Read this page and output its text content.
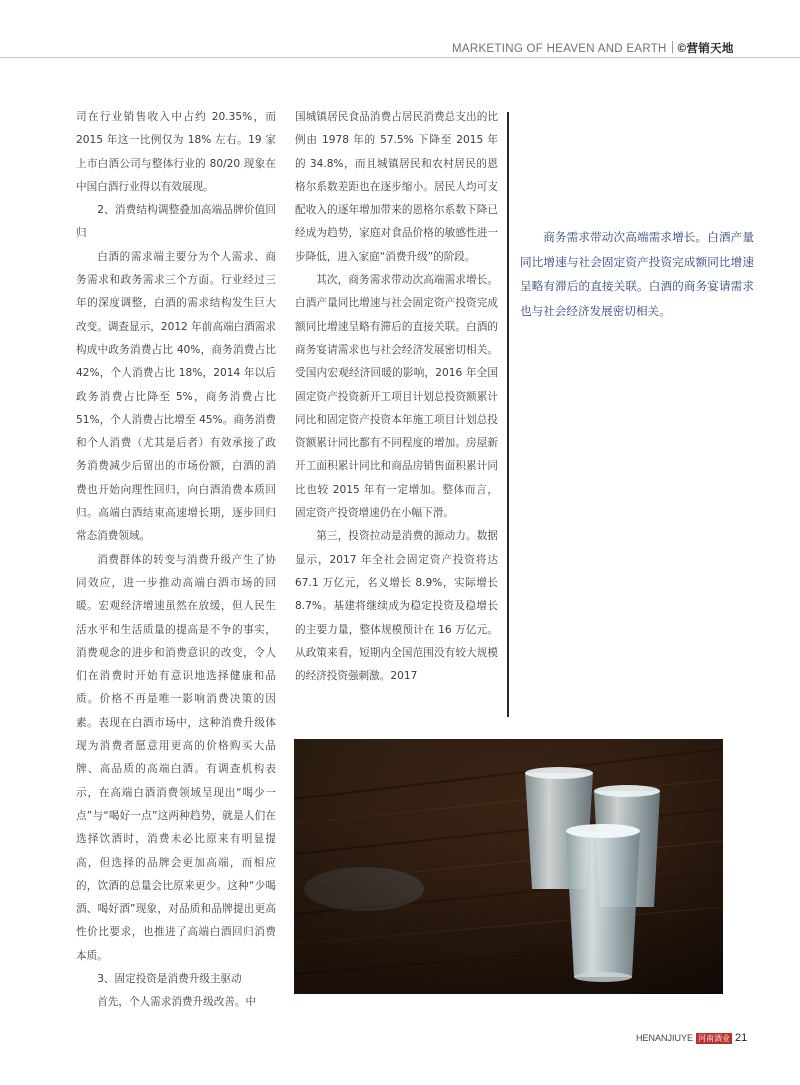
MARKETING OF HEAVEN AND EARTH ©营销天地

司在行业销售收入中占约 20.35%，而 2015 年这一比例仅为 18% 左右。19 家上市白酒公司与整体行业的 80/20 现象在中国白酒行业得以有效展现。

2、消费结构调整叠加高端品牌价值回归

白酒的需求端主要分为个人需求、商务需求和政务需求三个方面。行业经过三年的深度调整，白酒的需求结构发生巨大改变。调查显示，2012 年前高端白酒需求构成中政务消费占比 40%，商务消费占比 42%，个人消费占比 18%，2014 年以后政务消费占比降至 5%，商务消费占比 51%，个人消费占比增至 45%。商务消费和个人消费（尤其是后者）有效承接了政务消费减少后留出的市场份额，白酒的消费也开始向理性回归，向白酒消费本质回归。高端白酒结束高速增长期，逐步回归常态消费领域。

消费群体的转变与消费升级产生了协同效应，进一步推动高端白酒市场的回暖。宏观经济增速虽然在放缓，但人民生活水平和生活质量的提高是不争的事实，消费观念的进步和消费意识的改变，令人们在消费时开始有意识地选择健康和品质。价格不再是唯一影响消费决策的因素。表现在白酒市场中，这种消费升级体现为消费者愿意用更高的价格购买大品牌、高品质的高端白酒。有调查机构表示，在高端白酒消费领域呈现出“喝少一点”与“喝好一点”这两种趋势，就是人们在选择饮酒时，消费未必比原来有明显提高，但选择的品牌会更加高端，而相应的，饮酒的总量会比原来更少。这种“少喝酒、喝好酒”现象，对品质和品牌提出更高性价比要求，也推进了高端白酒回归消费本质。

3、固定投资是消费升级主驱动

首先，个人需求消费升级改善。中

国城镇居民食品消费占居民消费总支出的比例由 1978 年的 57.5% 下降至 2015 年的 34.8%，而且城镇居民和农村居民的恩格尔系数差距也在逐步缩小。居民人均可支配收入的逐年增加带来的恩格尔系数下降已经成为趋势，家庭对食品价格的敏感性进一步降低，进入家庭“消费升级”的阶段。

其次，商务需求带动次高端需求增长。白酒产量同比增速与社会固定资产投资完成额同比增速呈略有滞后的直接关联。白酒的商务宴请需求也与社会经济发展密切相关。受国内宏观经济回暖的影响，2016 年全国固定资产投资新开工项目计划总投资额累计同比和固定资产投资本年施工项目计划总投资额累计同比都有不同程度的增加。房屋新开工面积累计同比和商品房销售面积累计同比也较 2015 年有一定增加。整体而言，固定资产投资增速仍在小幅下滑。

第三，投资拉动是消费的源动力。数据显示，2017 年全社会固定资产投资将达 67.1 万亿元，名义增长 8.9%，实际增长 8.7%。基建将继续成为稳定投资及稳增长的主要力量，整体规模预计在 16 万亿元。从政策来看，短期内全国范围没有较大规模的经济投资强刺激。2017

商务需求带动次高端需求增长。白酒产量同比增速与社会固定资产投资完成额同比增速呈略有滞后的直接关联。白酒的商务宴请需求也与社会经济发展密切相关。

HENANJIUYE 河南酒业 21
